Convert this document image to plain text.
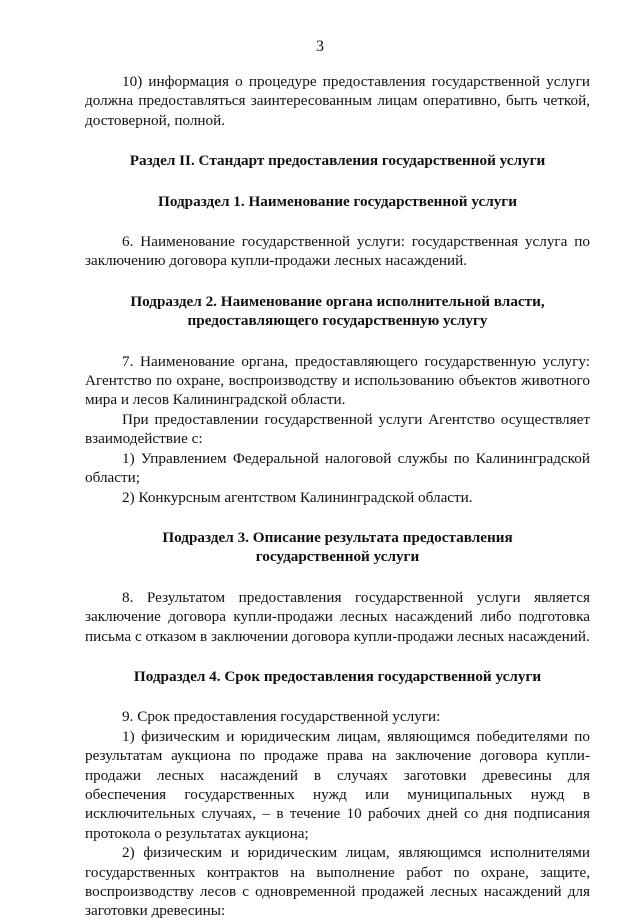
3

10) информация о процедуре предоставления государственной услуги должна предоставляться заинтересованным лицам оперативно, быть четкой, достоверной, полной.

Раздел II. Стандарт предоставления государственной услуги
Подраздел 1. Наименование государственной услуги

6. Наименование государственной услуги: государственная услуга по заключению договора купли-продажи лесных насаждений.

Подраздел 2. Наименование органа исполнительной власти,
предоставляющего государственную услугу

7. Наименование органа, предоставляющего государственную услугу: Агентство по охране, воспроизводству и использованию объектов животного мира и лесов Калининградской области.

При предоставлении государственной услуги Агентство осуществляет взаимодействие с:

1) Управлением Федеральной налоговой службы по Калининградской области;

2) Конкурсным агентством Калининградской области.

Подраздел 3. Описание результата предоставления
государственной услуги

8. Результатом предоставления государственной услуги является заключение договора купли-продажи лесных насаждений либо подготовка письма с отказом в заключении договора купли-продажи лесных насаждений.

Подраздел 4. Срок предоставления государственной услуги

9. Срок предоставления государственной услуги:

1) физическим и юридическим лицам, являющимся победителями по результатам аукциона по продаже права на заключение договора купли-продажи лесных насаждений в случаях заготовки древесины для обеспечения государственных нужд или муниципальных нужд в исключительных случаях, – в течение 10 рабочих дней со дня подписания протокола о результатах аукциона;

2) физическим и юридическим лицам, являющимся исполнителями государственных контрактов на выполнение работ по охране, защите, воспроизводству лесов с одновременной продажей лесных насаждений для заготовки древесины:
